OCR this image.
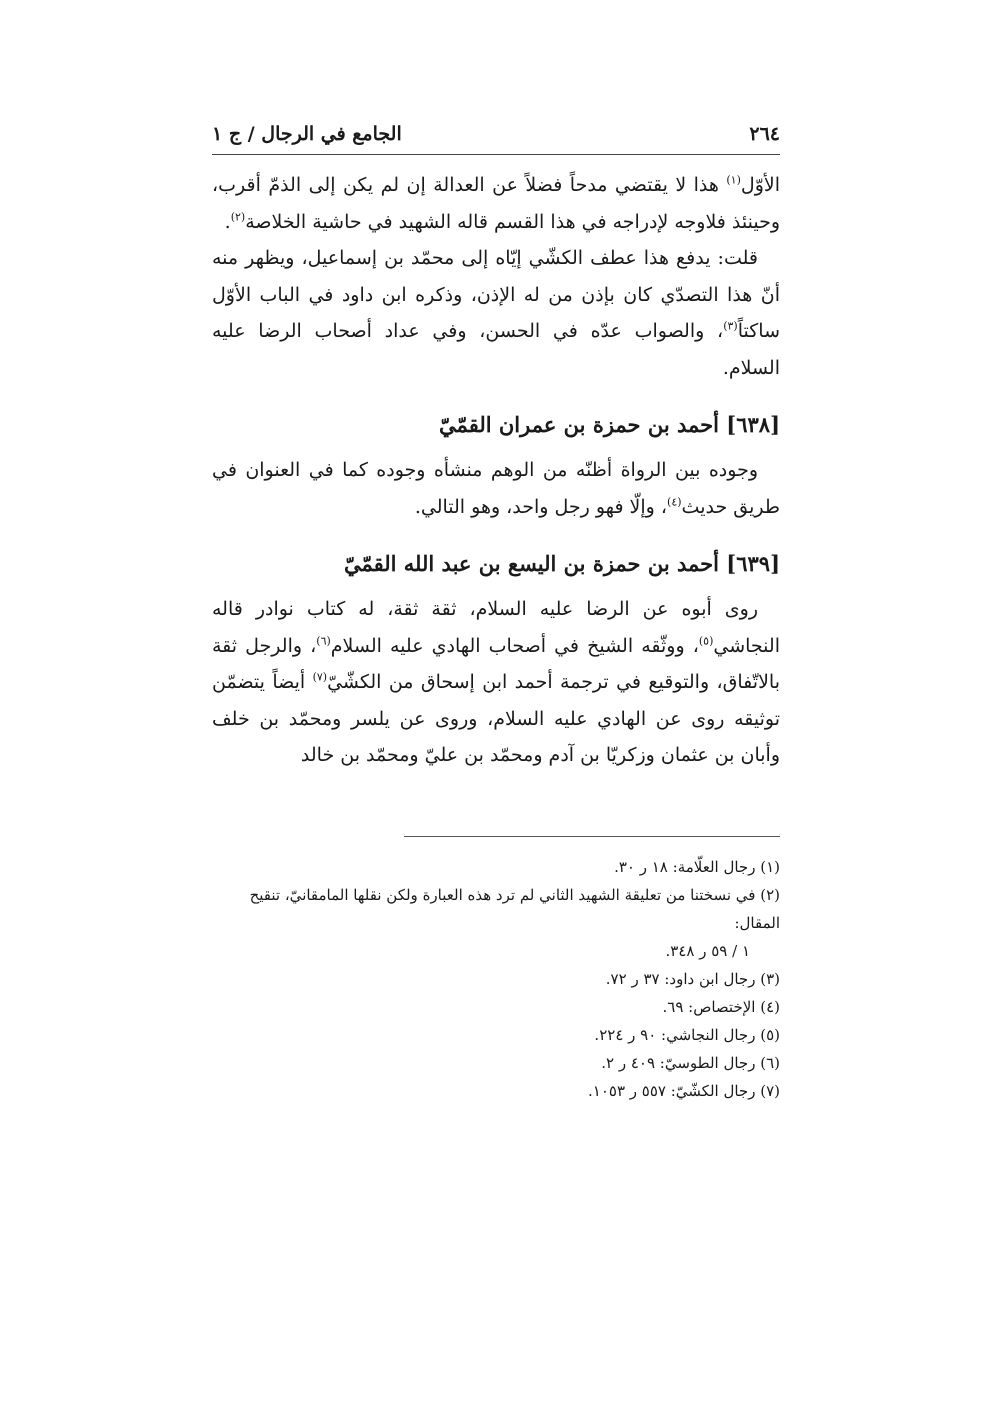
٢٦٤
الجامع في الرجال / ج ١

الأوّل$^{(١)}$ هذا لا يقتضي مدحاً فضلاً عن العدالة إن لم يكن إلى الذمّ أقرب، وحينئذ فلاوجه لإدراجه في هذا القسم قاله الشهيد في حاشية الخلاصة$^{(٢)}$.

قلت: يدفع هذا عطف الكشّي إيّاه إلى محمّد بن إسماعيل، ويظهر منه أنّ هذا التصدّي كان بإذن من له الإذن، وذكره ابن داود في الباب الأوّل ساكتاً$^{(٣)}$، والصواب عدّه في الحسن، وفي عداد أصحاب الرضا عليه السلام.

[٦٣٨] أحمد بن حمزة بن عمران القمّيّ

وجوده بين الرواة أظنّه من الوهم منشأه وجوده كما في العنوان في طريق حديث$^{(٤)}$، وإلّا فهو رجل واحد، وهو التالي.

[٦٣٩] أحمد بن حمزة بن اليسع بن عبد الله القمّيّ

روى أبوه عن الرضا عليه السلام، ثقة ثقة، له كتاب نوادر قاله النجاشي$^{(٥)}$، ووثّقه الشيخ في أصحاب الهادي عليه السلام$^{(٦)}$، والرجل ثقة بالاتّفاق، والتوقيع في ترجمة أحمد ابن إسحاق من الكشّيّ$^{(٧)}$ أيضاً يتضمّن توثيقه روى عن الهادي عليه السلام، وروى عن يلسر ومحمّد بن خلف وأبان بن عثمان وزكريّا بن آدم ومحمّد بن عليّ ومحمّد بن خالد

(١) رجال العلّامة: ١٨ ر ٣٠.
(٢) في نسختنا من تعليقة الشهيد الثاني لم ترد هذه العبارة ولكن نقلها المامقانيّ، تنقيح المقال:
١ / ٥٩ ر ٣٤٨.
(٣) رجال ابن داود: ٣٧ ر ٧٢.
(٤) الإختصاص: ٦٩.
(٥) رجال النجاشي: ٩٠ ر ٢٢٤.
(٦) رجال الطوسيّ: ٤٠٩ ر ٢.
(٧) رجال الكشّيّ: ٥٥٧ ر ١٠٥٣.
